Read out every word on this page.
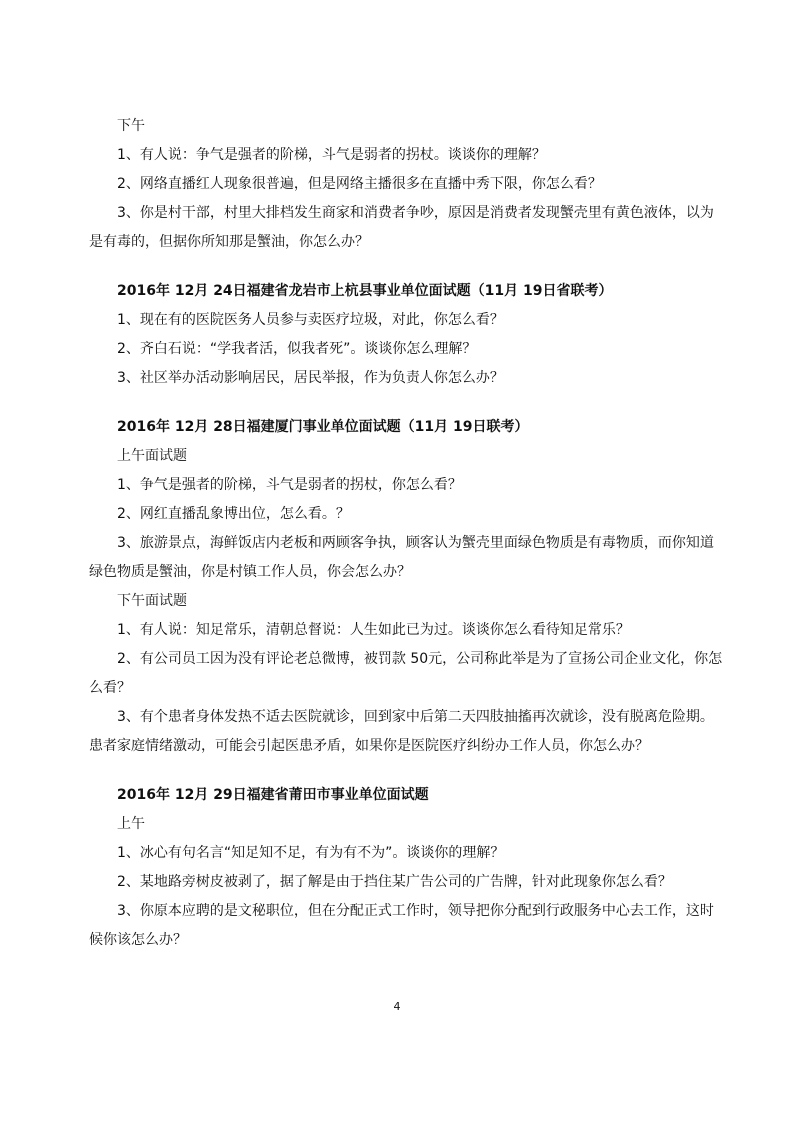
下午

1、有人说：争气是强者的阶梯，斗气是弱者的拐杖。谈谈你的理解？

2、网络直播红人现象很普遍，但是网络主播很多在直播中秀下限，你怎么看？

3、你是村干部，村里大排档发生商家和消费者争吵，原因是消费者发现蟹壳里有黄色液体，以为

是有毒的，但据你所知那是蟹油，你怎么办？

2016年 12月 24日福建省龙岩市上杭县事业单位面试题（11月 19日省联考）

1、现在有的医院医务人员参与卖医疗垃圾，对此，你怎么看？

2、齐白石说：“学我者活，似我者死”。谈谈你怎么理解？

3、社区举办活动影响居民，居民举报，作为负责人你怎么办？

2016年 12月 28日福建厦门事业单位面试题（11月 19日联考）

上午面试题

1、争气是强者的阶梯，斗气是弱者的拐杖，你怎么看？

2、网红直播乱象博出位，怎么看。？

3、旅游景点，海鲜饭店内老板和两顾客争执，顾客认为蟹壳里面绿色物质是有毒物质，而你知道

绿色物质是蟹油，你是村镇工作人员，你会怎么办？

下午面试题

1、有人说：知足常乐，清朝总督说：人生如此已为过。谈谈你怎么看待知足常乐？

2、有公司员工因为没有评论老总微博，被罚款 50元，公司称此举是为了宣扬公司企业文化，你怎

么看？

3、有个患者身体发热不适去医院就诊，回到家中后第二天四肢抽搐再次就诊，没有脱离危险期。

患者家庭情绪激动，可能会引起医患矛盾，如果你是医院医疗纠纷办工作人员，你怎么办？

2016年 12月 29日福建省莆田市事业单位面试题

上午

1、冰心有句名言“知足知不足，有为有不为”。谈谈你的理解？

2、某地路旁树皮被剥了，据了解是由于挡住某广告公司的广告牌，针对此现象你怎么看？

3、你原本应聘的是文秘职位，但在分配正式工作时，领导把你分配到行政服务中心去工作，这时

候你该怎么办？

4
